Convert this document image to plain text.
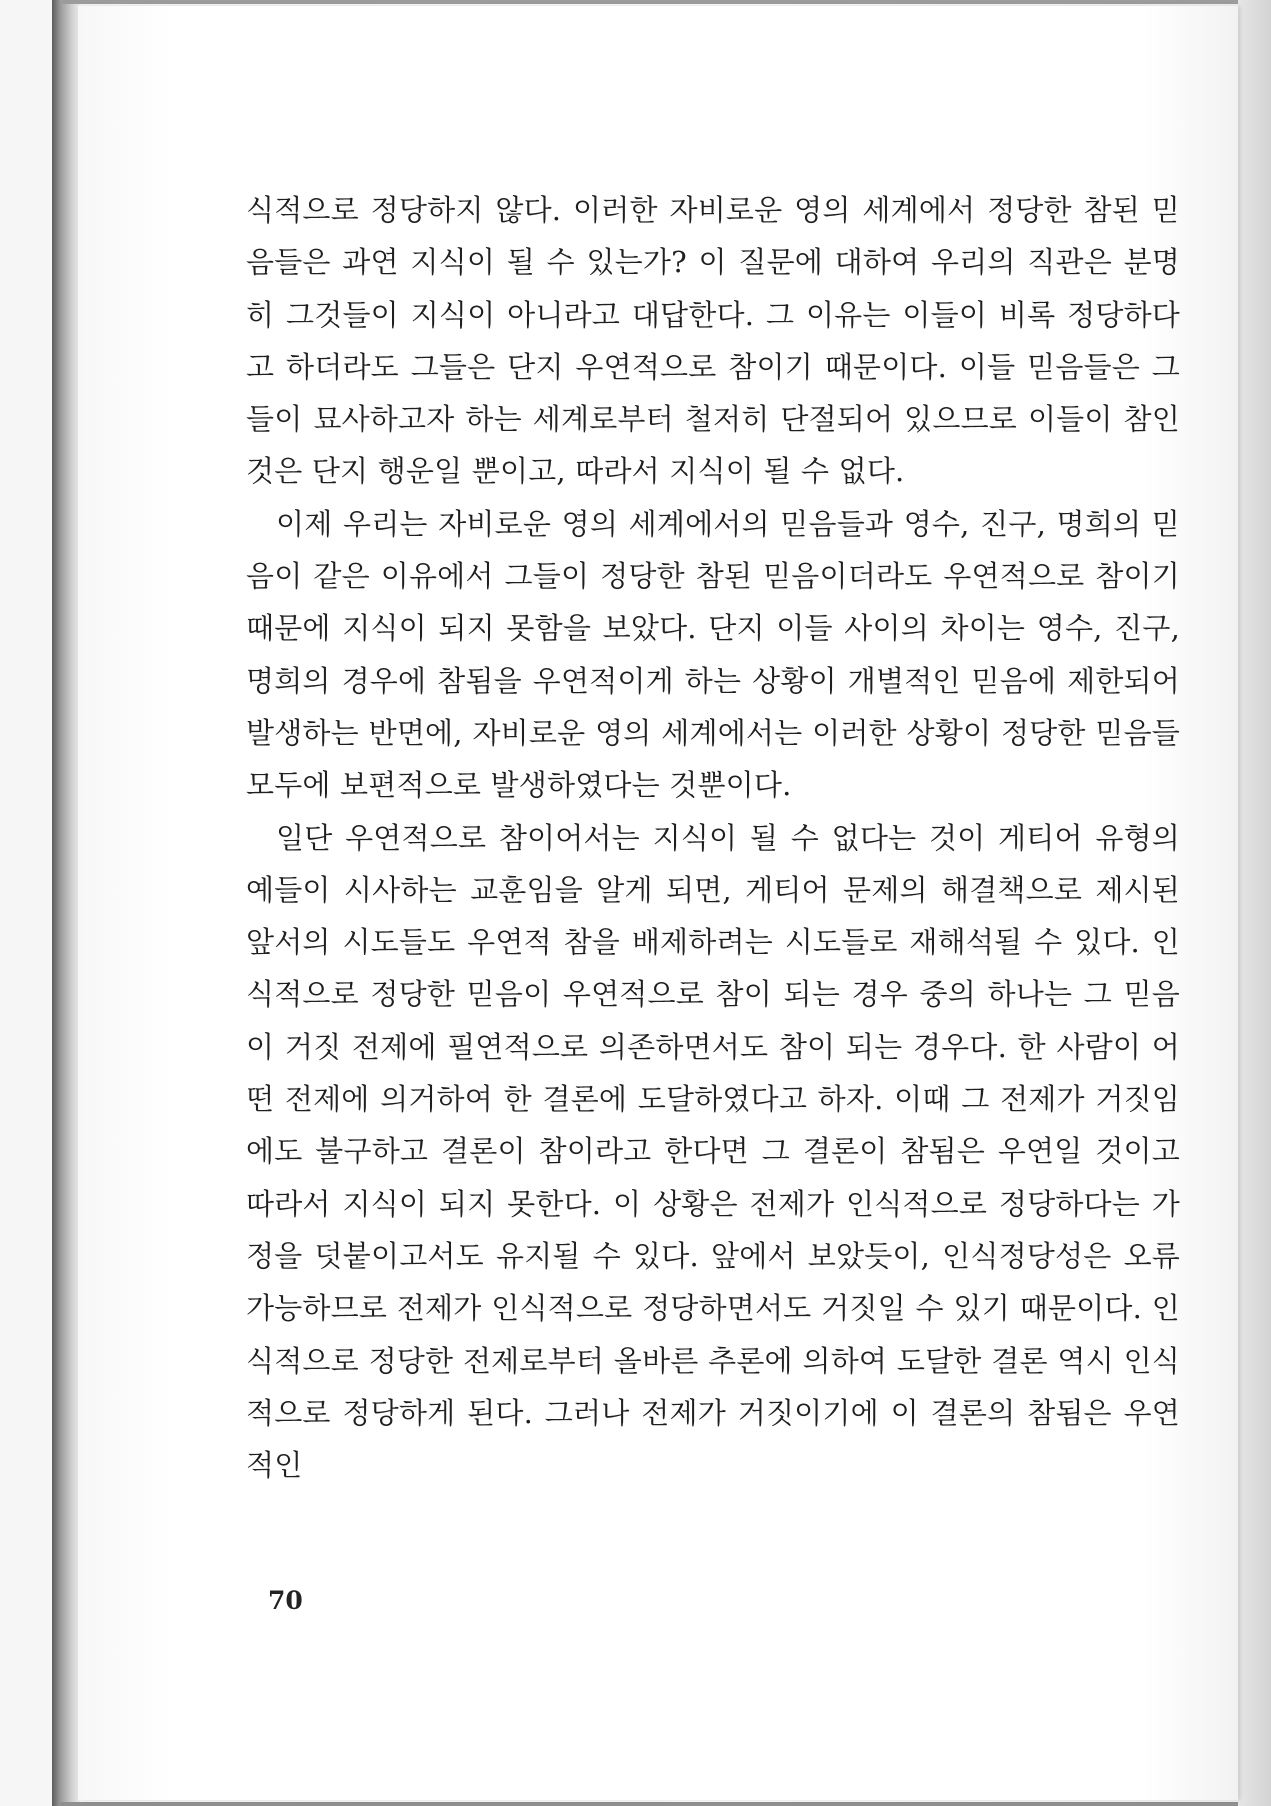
식적으로 정당하지 않다. 이러한 자비로운 영의 세계에서 정당한 참된 믿음들은 과연 지식이 될 수 있는가? 이 질문에 대하여 우리의 직관은 분명히 그것들이 지식이 아니라고 대답한다. 그 이유는 이들이 비록 정당하다고 하더라도 그들은 단지 우연적으로 참이기 때문이다. 이들 믿음들은 그들이 묘사하고자 하는 세계로부터 철저히 단절되어 있으므로 이들이 참인 것은 단지 행운일 뿐이고, 따라서 지식이 될 수 없다.

이제 우리는 자비로운 영의 세계에서의 믿음들과 영수, 진구, 명희의 믿음이 같은 이유에서 그들이 정당한 참된 믿음이더라도 우연적으로 참이기 때문에 지식이 되지 못함을 보았다. 단지 이들 사이의 차이는 영수, 진구, 명희의 경우에 참됨을 우연적이게 하는 상황이 개별적인 믿음에 제한되어 발생하는 반면에, 자비로운 영의 세계에서는 이러한 상황이 정당한 믿음들 모두에 보편적으로 발생하였다는 것뿐이다.

일단 우연적으로 참이어서는 지식이 될 수 없다는 것이 게티어 유형의 예들이 시사하는 교훈임을 알게 되면, 게티어 문제의 해결책으로 제시된 앞서의 시도들도 우연적 참을 배제하려는 시도들로 재해석될 수 있다. 인식적으로 정당한 믿음이 우연적으로 참이 되는 경우 중의 하나는 그 믿음이 거짓 전제에 필연적으로 의존하면서도 참이 되는 경우다. 한 사람이 어떤 전제에 의거하여 한 결론에 도달하였다고 하자. 이때 그 전제가 거짓임에도 불구하고 결론이 참이라고 한다면 그 결론이 참됨은 우연일 것이고 따라서 지식이 되지 못한다. 이 상황은 전제가 인식적으로 정당하다는 가정을 덧붙이고서도 유지될 수 있다. 앞에서 보았듯이, 인식정당성은 오류 가능하므로 전제가 인식적으로 정당하면서도 거짓일 수 있기 때문이다. 인식적으로 정당한 전제로부터 올바른 추론에 의하여 도달한 결론 역시 인식적으로 정당하게 된다. 그러나 전제가 거짓이기에 이 결론의 참됨은 우연적인

70
